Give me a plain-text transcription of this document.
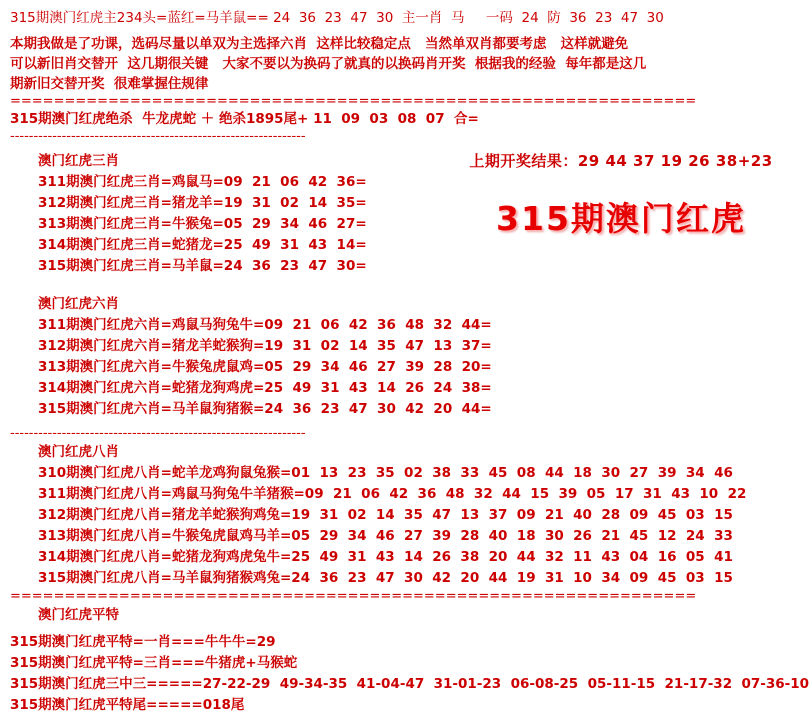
315期澳门红虎主234头=蓝红=马羊鼠== 24  36  23  47  30  主一肖  马     一码  24  防  36  23  47  30
本期我做是了功课，选码尽量以单双为主选择六肖  这样比较稳定点   当然单双肖都要考虑   这样就避免
可以新旧肖交替开  这几期很关键   大家不要以为换码了就真的以换码肖开奖  根据我的经验  每年都是这几
期新旧交替开奖  很难掌握住规律
===============================================================
315期澳门红虎绝杀  牛龙虎蛇 ＋ 绝杀1895尾+ 11  09  03  08  07  合=
---------------------------------------------------------------
澳门红虎三肖
311期澳门红虎三肖=鸡鼠马=09  21  06  42  36=
312期澳门红虎三肖=猪龙羊=19  31  02  14  35=
313期澳门红虎三肖=牛猴兔=05  29  34  46  27=
314期澳门红虎三肖=蛇猪龙=25  49  31  43  14=
315期澳门红虎三肖=马羊鼠=24  36  23  47  30=
澳门红虎六肖
311期澳门红虎六肖=鸡鼠马狗兔牛=09  21  06  42  36  48  32  44=
312期澳门红虎六肖=猪龙羊蛇猴狗=19  31  02  14  35  47  13  37=
313期澳门红虎六肖=牛猴兔虎鼠鸡=05  29  34  46  27  39  28  20=
314期澳门红虎六肖=蛇猪龙狗鸡虎=25  49  31  43  14  26  24  38=
315期澳门红虎六肖=马羊鼠狗猪猴=24  36  23  47  30  42  20  44=
---------------------------------------------------------------
澳门红虎八肖
310期澳门红虎八肖=蛇羊龙鸡狗鼠兔猴=01  13  23  35  02  38  33  45  08  44  18  30  27  39  34  46
311期澳门红虎八肖=鸡鼠马狗兔牛羊猪猴=09  21  06  42  36  48  32  44  15  39  05  17  31  43  10  22
312期澳门红虎八肖=猪龙羊蛇猴狗鸡兔=19  31  02  14  35  47  13  37  09  21  40  28  09  45  03  15
313期澳门红虎八肖=牛猴兔虎鼠鸡马羊=05  29  34  46  27  39  28  40  18  30  26  21  45  12  24  33
314期澳门红虎八肖=蛇猪龙狗鸡虎兔牛=25  49  31  43  14  26  38  20  44  32  11  43  04  16  05  41
315期澳门红虎八肖=马羊鼠狗猪猴鸡兔=24  36  23  47  30  42  20  44  19  31  10  34  09  45  03  15
===============================================================
澳门红虎平特
315期澳门红虎平特=一肖===牛牛牛=29
315期澳门红虎平特=三肖===牛猪虎+马猴蛇
315期澳门红虎三中三=====27-22-29  49-34-35  41-04-47  31-01-23  06-08-25  05-11-15  21-17-32  07-36-10
315期澳门红虎平特尾=====018尾
上期开奖结果：29 44 37 19 26 38+23
315期澳门红虎
